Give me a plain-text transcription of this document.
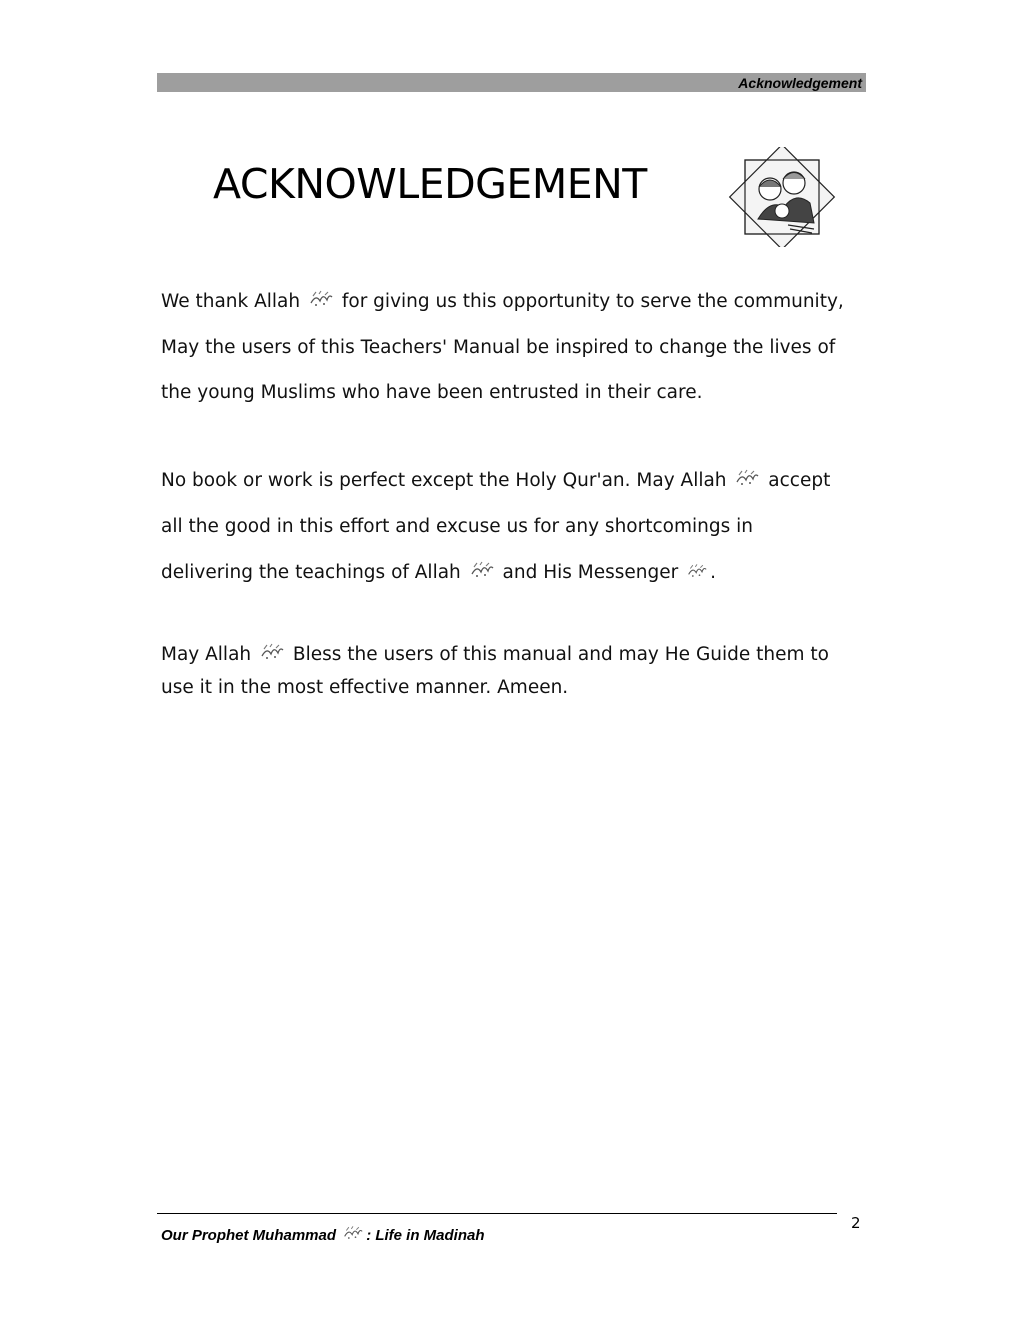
Acknowledgement
ACKNOWLEDGEMENT

We thank Allah  for giving us this opportunity to serve the community,
May the users of this Teachers' Manual be inspired to change the lives of
the young Muslims who have been entrusted in their care.

No book or work is perfect except the Holy Qur'an. May Allah  accept
all the good in this effort and excuse us for any shortcomings in
delivering the teachings of Allah  and His Messenger .

May Allah  Bless the users of this manual and may He Guide them to
use it in the most effective manner. Ameen.

Our Prophet Muhammad : Life in Madinah
2
